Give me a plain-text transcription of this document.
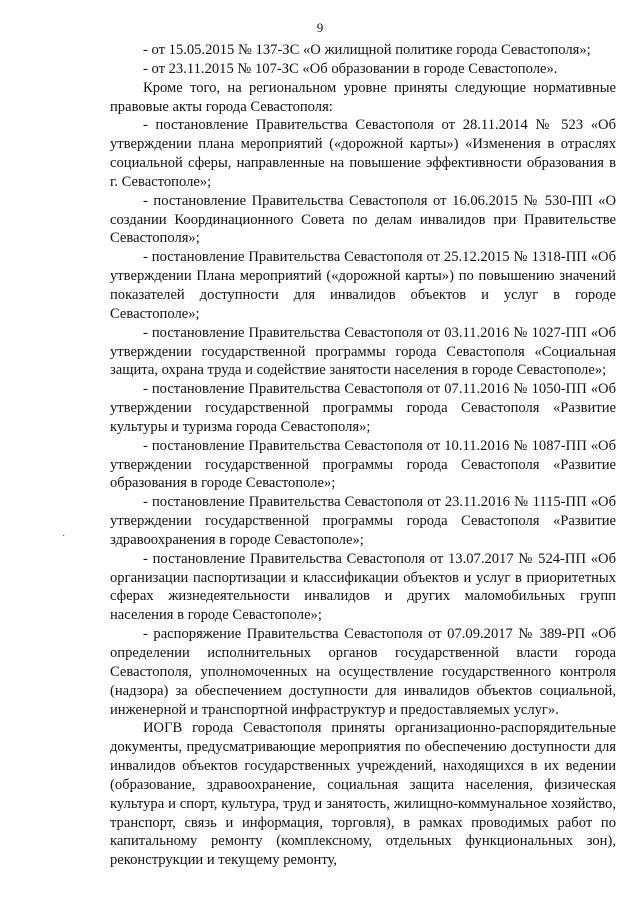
9
·

- от 15.05.2015 № 137-ЗС «О жилищной политике города Севастополя»;

- от 23.11.2015 № 107-ЗС «Об образовании в городе Севастополе».

Кроме того, на региональном уровне приняты следующие нормативные правовые акты города Севастополя:

- постановление Правительства Севастополя от 28.11.2014 № 523 «Об утверждении плана мероприятий («дорожной карты») «Изменения в отраслях социальной сферы, направленные на повышение эффективности образования в г. Севастополе»;

- постановление Правительства Севастополя от 16.06.2015 № 530-ПП «О создании Координационного Совета по делам инвалидов при Правительстве Севастополя»;

- постановление Правительства Севастополя от 25.12.2015 № 1318-ПП «Об утверждении Плана мероприятий («дорожной карты») по повышению значений показателей доступности для инвалидов объектов и услуг в городе Севастополе»;

- постановление Правительства Севастополя от 03.11.2016 № 1027-ПП «Об утверждении государственной программы города Севастополя «Социальная защита, охрана труда и содействие занятости населения в городе Севастополе»;

- постановление Правительства Севастополя от 07.11.2016 № 1050-ПП «Об утверждении государственной программы города Севастополя «Развитие культуры и туризма города Севастополя»;

- постановление Правительства Севастополя от 10.11.2016 № 1087-ПП «Об утверждении государственной программы города Севастополя «Развитие образования в городе Севастополе»;

- постановление Правительства Севастополя от 23.11.2016 № 1115-ПП «Об утверждении государственной программы города Севастополя «Развитие здравоохранения в городе Севастополе»;

- постановление Правительства Севастополя от 13.07.2017 № 524-ПП «Об организации паспортизации и классификации объектов и услуг в приоритетных сферах жизнедеятельности инвалидов и других маломобильных групп населения в городе Севастополе»;

- распоряжение Правительства Севастополя от 07.09.2017 № 389-РП «Об определении исполнительных органов государственной власти города Севастополя, уполномоченных на осуществление государственного контроля (надзора) за обеспечением доступности для инвалидов объектов социальной, инженерной и транспортной инфраструктур и предоставляемых услуг».

ИОГВ города Севастополя приняты организационно-распорядительные документы, предусматривающие мероприятия по обеспечению доступности для инвалидов объектов государственных учреждений, находящихся в их ведении (образование, здравоохранение, социальная защита населения, физическая культура и спорт, культура, труд и занятость, жилищно-коммунальное хозяйство, транспорт, связь и информация, торговля), в рамках проводимых работ по капитальному ремонту (комплексному, отдельных функциональных зон), реконструкции и текущему ремонту,
